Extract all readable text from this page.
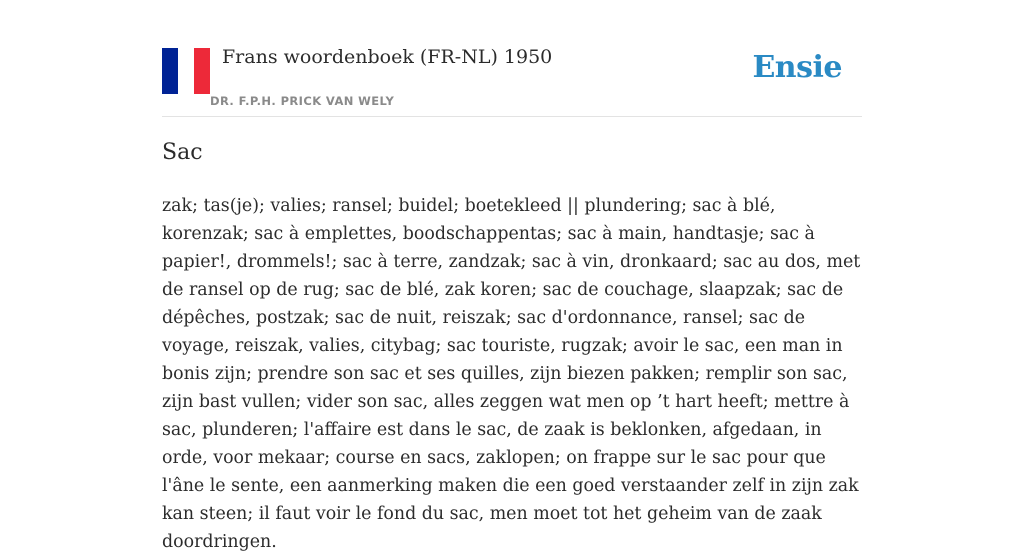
Frans woordenboek (FR-NL) 1950
DR. F.P.H. PRICK VAN WELY
Ensie
Sac

zak; tas(je); valies; ransel; buidel; boetekleed || plundering; sac à blé, korenzak; sac à emplettes, boodschappentas; sac à main, handtasje; sac à papier!, drommels!; sac à terre, zandzak; sac à vin, dronkaard; sac au dos, met de ransel op de rug; sac de blé, zak koren; sac de couchage, slaapzak; sac de dépêches, postzak; sac de nuit, reiszak; sac d'ordonnance, ransel; sac de voyage, reiszak, valies, citybag; sac touriste, rugzak; avoir le sac, een man in bonis zijn; prendre son sac et ses quilles, zijn biezen pakken; remplir son sac, zijn bast vullen; vider son sac, alles zeggen wat men op ’t hart heeft; mettre à sac, plunderen; l'affaire est dans le sac, de zaak is beklonken, afgedaan, in orde, voor mekaar; course en sacs, zaklopen; on frappe sur le sac pour que l'âne le sente, een aanmerking maken die een goed verstaander zelf in zijn zak kan steen; il faut voir le fond du sac, men moet tot het geheim van de zaak doordringen.
